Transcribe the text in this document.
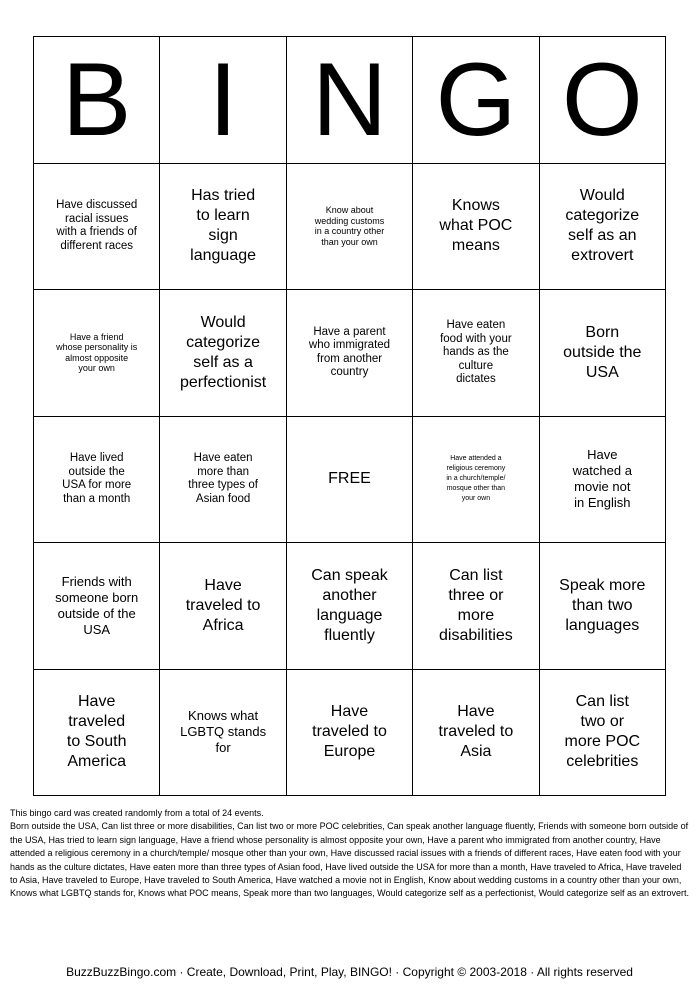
B I N G O
Have discussed racial issues with a friends of different races
Has tried to learn sign language
Know about wedding customs in a country other than your own
Knows what POC means
Would categorize self as an extrovert
Have a friend whose personality is almost opposite your own
Would categorize self as a perfectionist
Have a parent who immigrated from another country
Have eaten food with your hands as the culture dictates
Born outside the USA
Have lived outside the USA for more than a month
Have eaten more than three types of Asian food
FREE
Have attended a religious ceremony in a church/temple/ mosque other than your own
Have watched a movie not in English
Friends with someone born outside of the USA
Have traveled to Africa
Can speak another language fluently
Can list three or more disabilities
Speak more than two languages
Have traveled to South America
Knows what LGBTQ stands for
Have traveled to Europe
Have traveled to Asia
Can list two or more POC celebrities

This bingo card was created randomly from a total of 24 events.

Born outside the USA, Can list three or more disabilities, Can list two or more POC celebrities, Can speak another language fluently, Friends with someone born outside of the USA, Has tried to learn sign language, Have a friend whose personality is almost opposite your own, Have a parent who immigrated from another country, Have attended a religious ceremony in a church/temple/ mosque other than your own, Have discussed racial issues with a friends of different races, Have eaten food with your hands as the culture dictates, Have eaten more than three types of Asian food, Have lived outside the USA for more than a month, Have traveled to Africa, Have traveled to Asia, Have traveled to Europe, Have traveled to South America, Have watched a movie not in English, Know about wedding customs in a country other than your own, Knows what LGBTQ stands for, Knows what POC means, Speak more than two languages, Would categorize self as a perfectionist, Would categorize self as an extrovert.

BuzzBuzzBingo.com · Create, Download, Print, Play, BINGO! · Copyright © 2003-2018 · All rights reserved
